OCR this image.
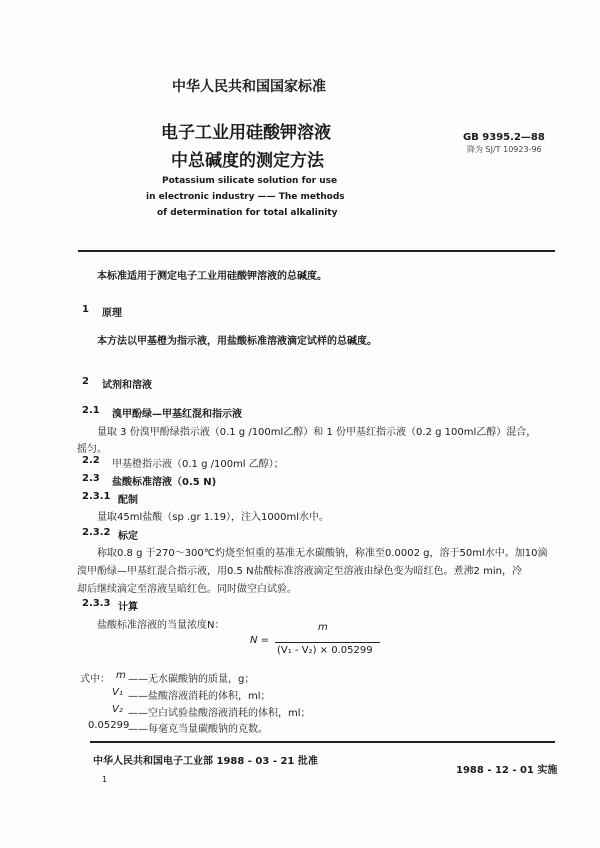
中华人民共和国国家标准
电子工业用硅酸钾溶液
中总碱度的测定方法
GB 9395.2—88
降为 SJ/T 10923-96
Potassium silicate solution for use
in electronic industry —— The methods
of determination for total alkalinity
本标准适用于测定电子工业用硅酸钾溶液的总碱度。
1 原理
本方法以甲基橙为指示液，用盐酸标准溶液滴定试样的总碱度。
2 试剂和溶液
2.1 溴甲酚绿—甲基红混和指示液
量取 3 份溴甲酚绿指示液（0.1 g /100ml乙醇）和 1 份甲基红指示液（0.2 g 100ml乙醇）混合，
摇匀。
2.2 甲基橙指示液（0.1 g /100ml 乙醇）；
2.3 盐酸标准溶液（0.5 N)
2.3.1 配制
量取45ml盐酸（sp .gr 1.19），注入1000ml水中。
2.3.2 标定
称取0.8 g 于270～300℃灼烧至恒重的基准无水碳酸钠，称准至0.0002 g，溶于50ml水中。加10滴
溴甲酚绿—甲基红混合指示液，用0.5 N盐酸标准溶液滴定至溶液由绿色变为暗红色。煮沸2 min，冷
却后继续滴定至溶液呈暗红色。同时做空白试验。
2.3.3 计算
盐酸标准溶液的当量浓度N：
N =
m
(V₁ - V₂) × 0.05299
式中： m ——无水碳酸钠的质量，g；
V₁ ——盐酸溶液消耗的体积，ml；
V₂ ——空白试验盐酸溶液消耗的体积，ml；
0.05299
——每毫克当量碳酸钠的克数。
中华人民共和国电子工业部 1988 - 03 - 21 批准
1988 - 12 - 01 实施
1
